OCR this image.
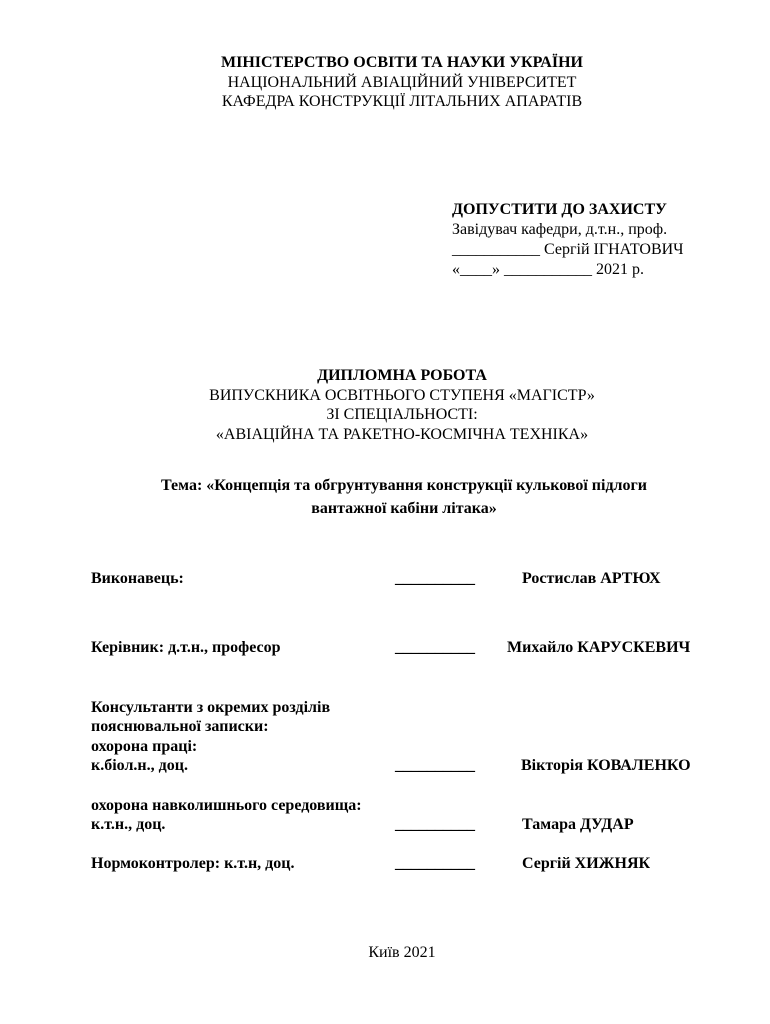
МІНІСТЕРСТВО ОСВІТИ ТА НАУКИ УКРАЇНИ
НАЦІОНАЛЬНИЙ АВІАЦІЙНИЙ УНІВЕРСИТЕТ
КАФЕДРА КОНСТРУКЦІЇ ЛІТАЛЬНИХ АПАРАТІВ
ДОПУСТИТИ ДО ЗАХИСТУ
Завідувач кафедри, д.т.н., проф.
___________ Сергій ІГНАТОВИЧ
«____» ___________ 2021 р.
ДИПЛОМНА РОБОТА
ВИПУСКНИКА ОСВІТНЬОГО СТУПЕНЯ «МАГІСТР»
ЗІ СПЕЦІАЛЬНОСТІ:
«АВІАЦІЙНА ТА РАКЕТНО-КОСМІЧНА ТЕХНІКА»
Тема: «Концепція та обгрунтування конструкції кулькової підлоги
вантажної кабіни літака»
Виконавець:	__________	Ростислав АРТЮХ
Керівник: д.т.н., професор	__________ Михайло КАРУСКЕВИЧ
Консультанти з окремих розділів
пояснювальної записки:
охорона праці:
к.біол.н., доц.	__________	Вікторія КОВАЛЕНКО
охорона навколишнього середовища:
к.т.н., доц.	__________	Тамара ДУДАР
Нормоконтролер: к.т.н, доц.	__________	Сергій ХИЖНЯК
Київ 2021
